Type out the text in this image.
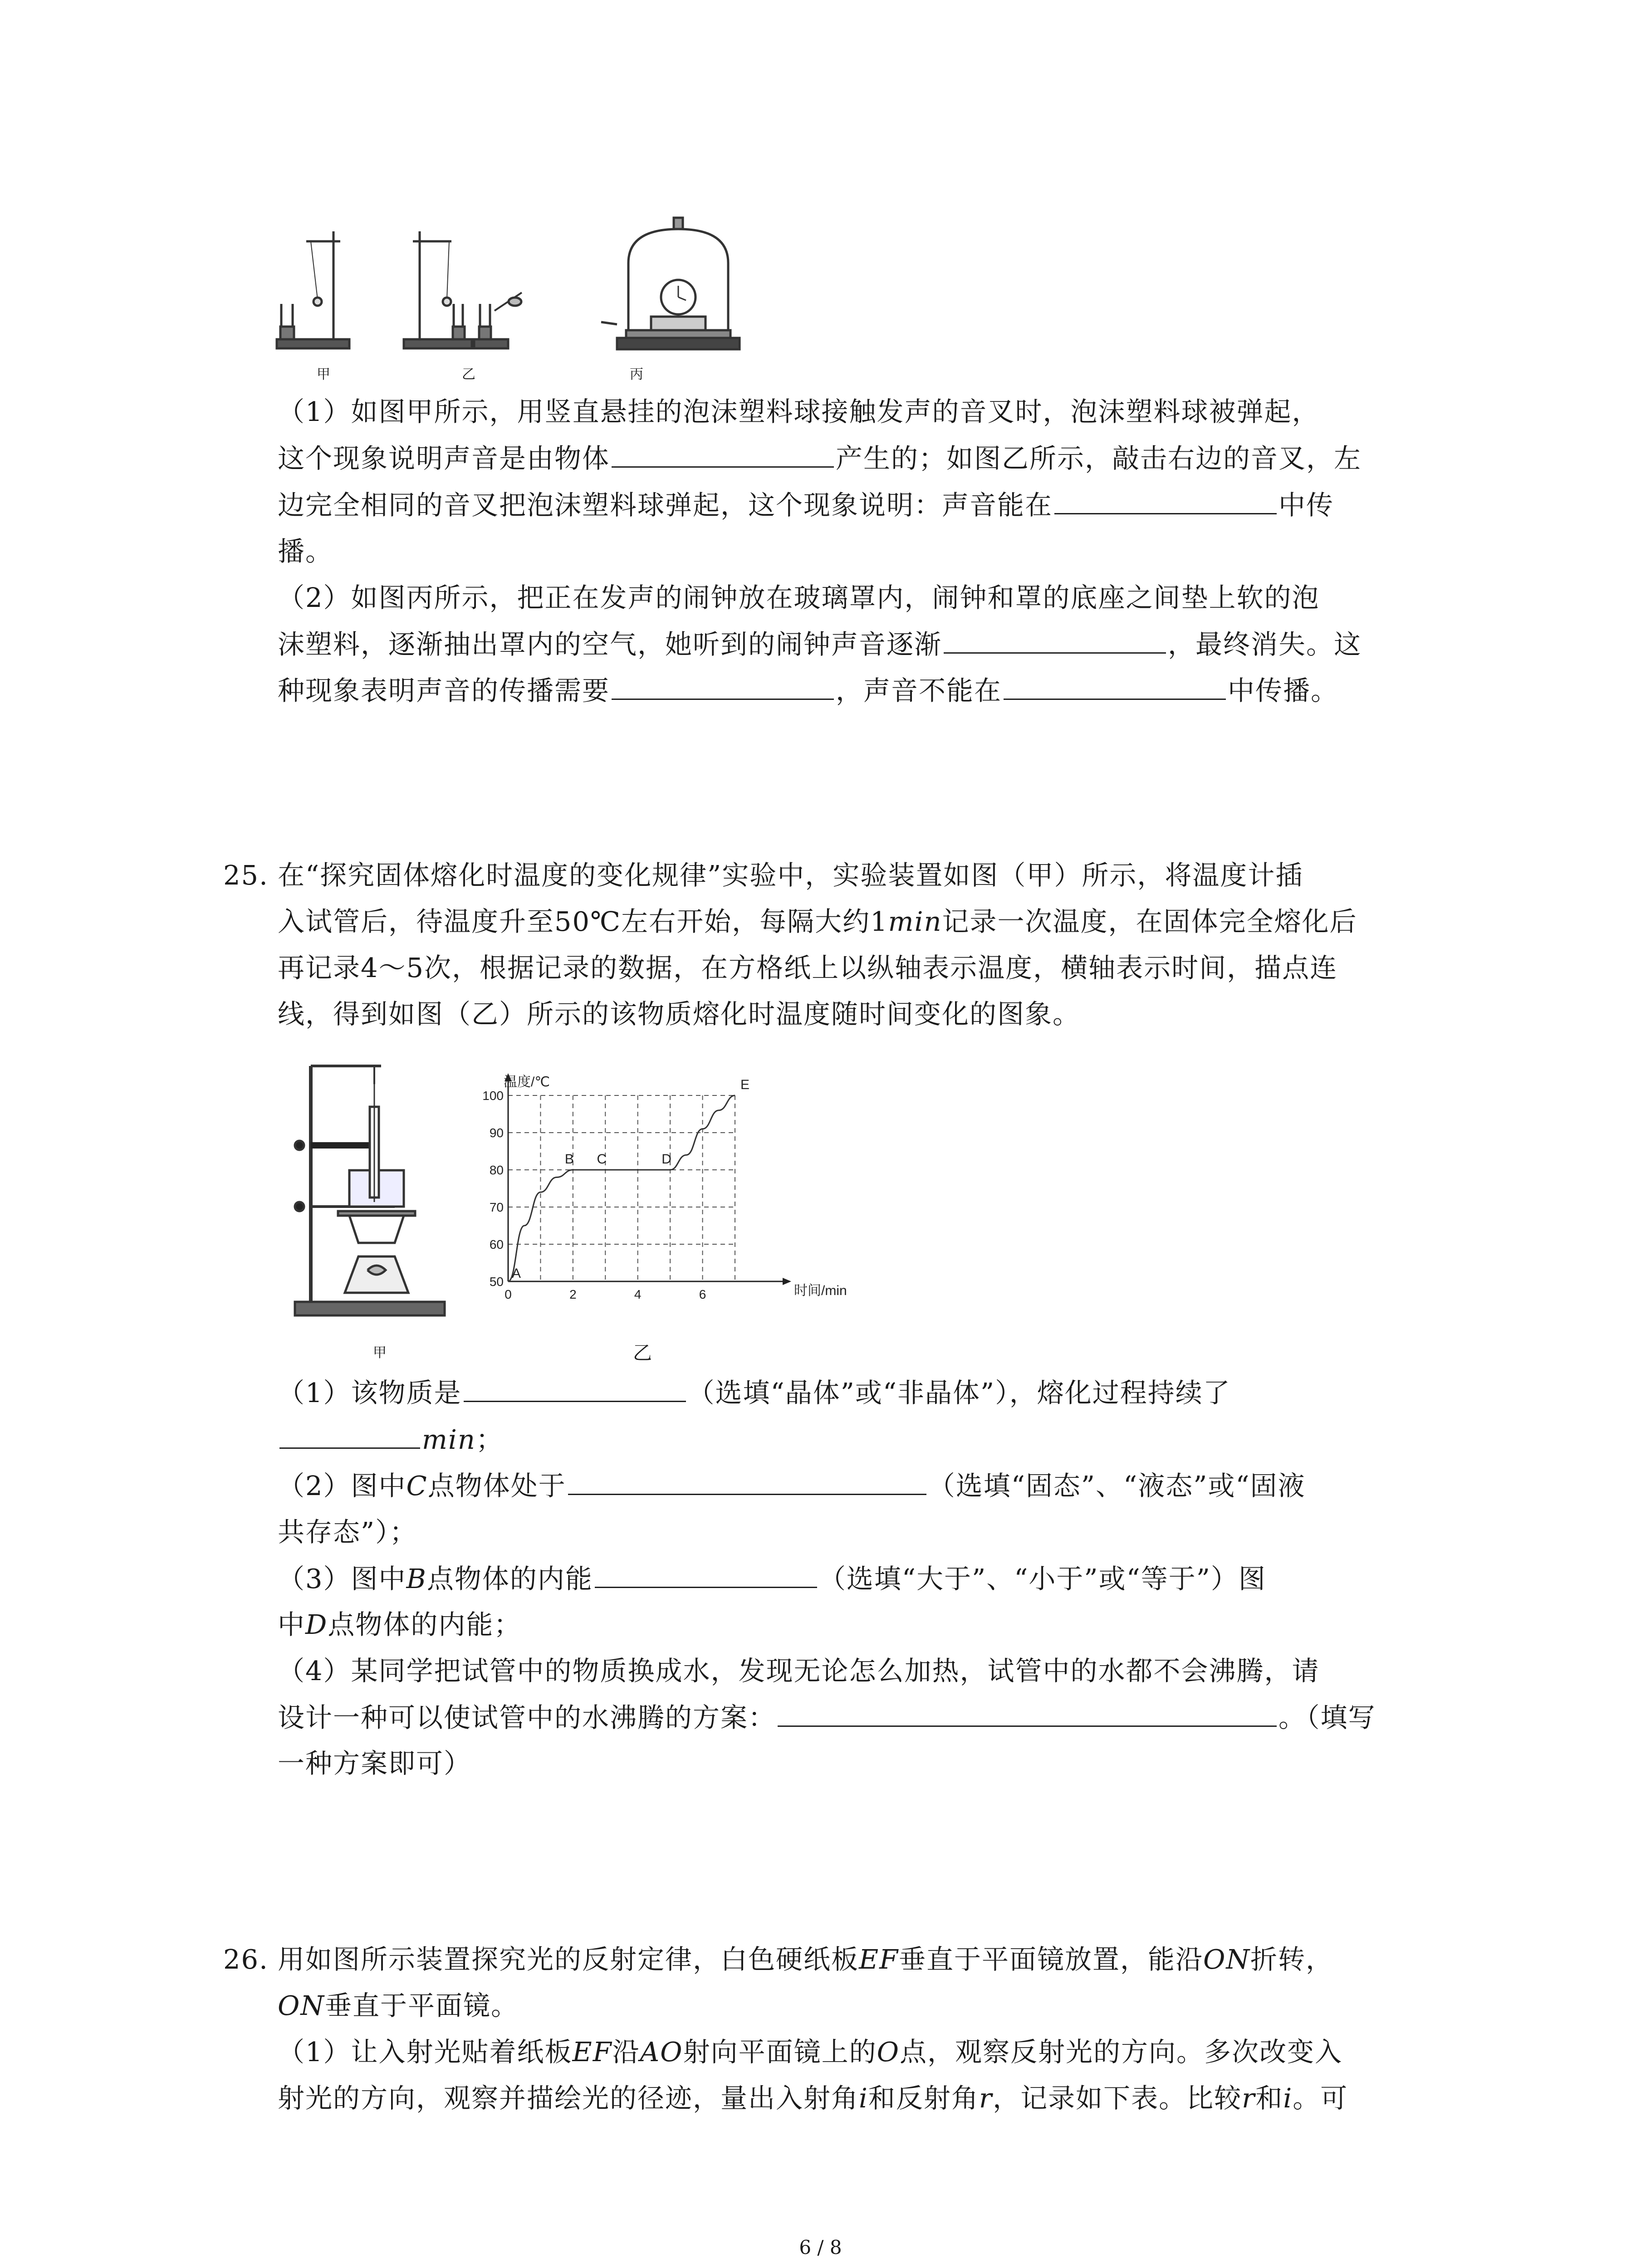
甲	乙	丙
（1）如图甲所示，用竖直悬挂的泡沫塑料球接触发声的音叉时，泡沫塑料球被弹起，
这个现象说明声音是由物体	产生的；如图乙所示，敲击右边的音叉，左
边完全相同的音叉把泡沫塑料球弹起，这个现象说明：声音能在	中传
播。
（2）如图丙所示，把正在发声的闹钟放在玻璃罩内，闹钟和罩的底座之间垫上软的泡
沫塑料，逐渐抽出罩内的空气，她听到的闹钟声音逐渐	，最终消失。这
种现象表明声音的传播需要	，声音不能在	中传播。
25. 在“探究固体熔化时温度的变化规律”实验中，实验装置如图（甲）所示，将温度计插
入试管后，待温度升至50℃左右开始，每隔大约1min记录一次温度，在固体完全熔化后
再记录4～5次，根据记录的数据，在方格纸上以纵轴表示温度，横轴表示时间，描点连
线，得到如图（乙）所示的该物质熔化时温度随时间变化的图象。
甲
50
60
70
80
90
100
0	2	4	6
A
B C	D
E
温度/℃
时间/min
乙
（1）该物质是	（选填“晶体”或“非晶体”），熔化过程持续了
min；
（2）图中C点物体处于	（选填“固态”、“液态”或“固液
共存态”）；
（3）图中B点物体的内能	（选填“大于”、“小于”或“等于”）图
中D点物体的内能；
（4）某同学把试管中的物质换成水，发现无论怎么加热，试管中的水都不会沸腾，请
设计一种可以使试管中的水沸腾的方案：	。（填写
一种方案即可）
26. 用如图所示装置探究光的反射定律，白色硬纸板EF垂直于平面镜放置，能沿ON折转，
ON垂直于平面镜。
（1）让入射光贴着纸板EF沿AO射向平面镜上的O点，观察反射光的方向。多次改变入
射光的方向，观察并描绘光的径迹，量出入射角i和反射角r，记录如下表。比较r和i。可
6 / 8
